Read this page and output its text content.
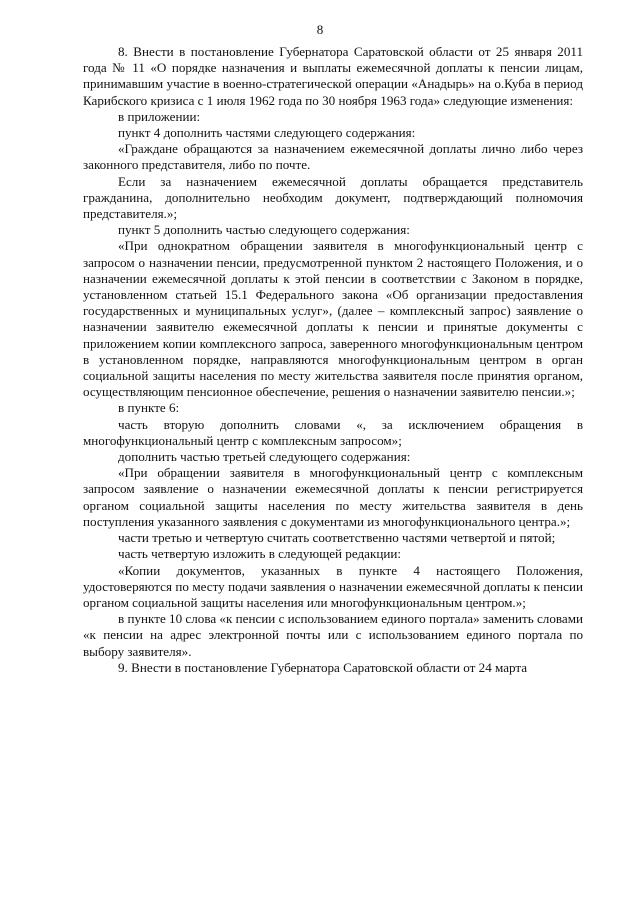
8

8. Внести в постановление Губернатора Саратовской области от 25 января 2011 года № 11 «О порядке назначения и выплаты ежемесячной доплаты к пенсии лицам, принимавшим участие в военно-стратегической операции «Анадырь» на о.Куба в период Карибского кризиса с 1 июля 1962 года по 30 ноября 1963 года» следующие изменения:

в приложении:

пункт 4 дополнить частями следующего содержания:

«Граждане обращаются за назначением ежемесячной доплаты лично либо через законного представителя, либо по почте.

Если за назначением ежемесячной доплаты обращается представитель гражданина, дополнительно необходим документ, подтверждающий полномочия представителя.»;

пункт 5 дополнить частью следующего содержания:

«При однократном обращении заявителя в многофункциональный центр с запросом о назначении пенсии, предусмотренной пунктом 2 настоящего Положения, и о назначении ежемесячной доплаты к этой пенсии в соответствии с Законом в порядке, установленном статьей 15.1 Федерального закона «Об организации предоставления государственных и муниципальных услуг», (далее – комплексный запрос) заявление о назначении заявителю ежемесячной доплаты к пенсии и принятые документы с приложением копии комплексного запроса, заверенного многофункциональным центром в установленном порядке, направляются многофункциональным центром в орган социальной защиты населения по месту жительства заявителя после принятия органом, осуществляющим пенсионное обеспечение, решения о назначении заявителю пенсии.»;

в пункте 6:

часть вторую дополнить словами «, за исключением обращения в многофункциональный центр с комплексным запросом»;

дополнить частью третьей следующего содержания:

«При обращении заявителя в многофункциональный центр с комплексным запросом заявление о назначении ежемесячной доплаты к пенсии регистрируется органом социальной защиты населения по месту жительства заявителя в день поступления указанного заявления с документами из многофункционального центра.»;

части третью и четвертую считать соответственно частями четвертой и пятой;

часть четвертую изложить в следующей редакции:

«Копии документов, указанных в пункте 4 настоящего Положения, удостоверяются по месту подачи заявления о назначении ежемесячной доплаты к пенсии органом социальной защиты населения или многофункциональным центром.»;

в пункте 10 слова «к пенсии с использованием единого портала» заменить словами «к пенсии на адрес электронной почты или с использованием единого портала по выбору заявителя».

9. Внести в постановление Губернатора Саратовской области от 24 марта
